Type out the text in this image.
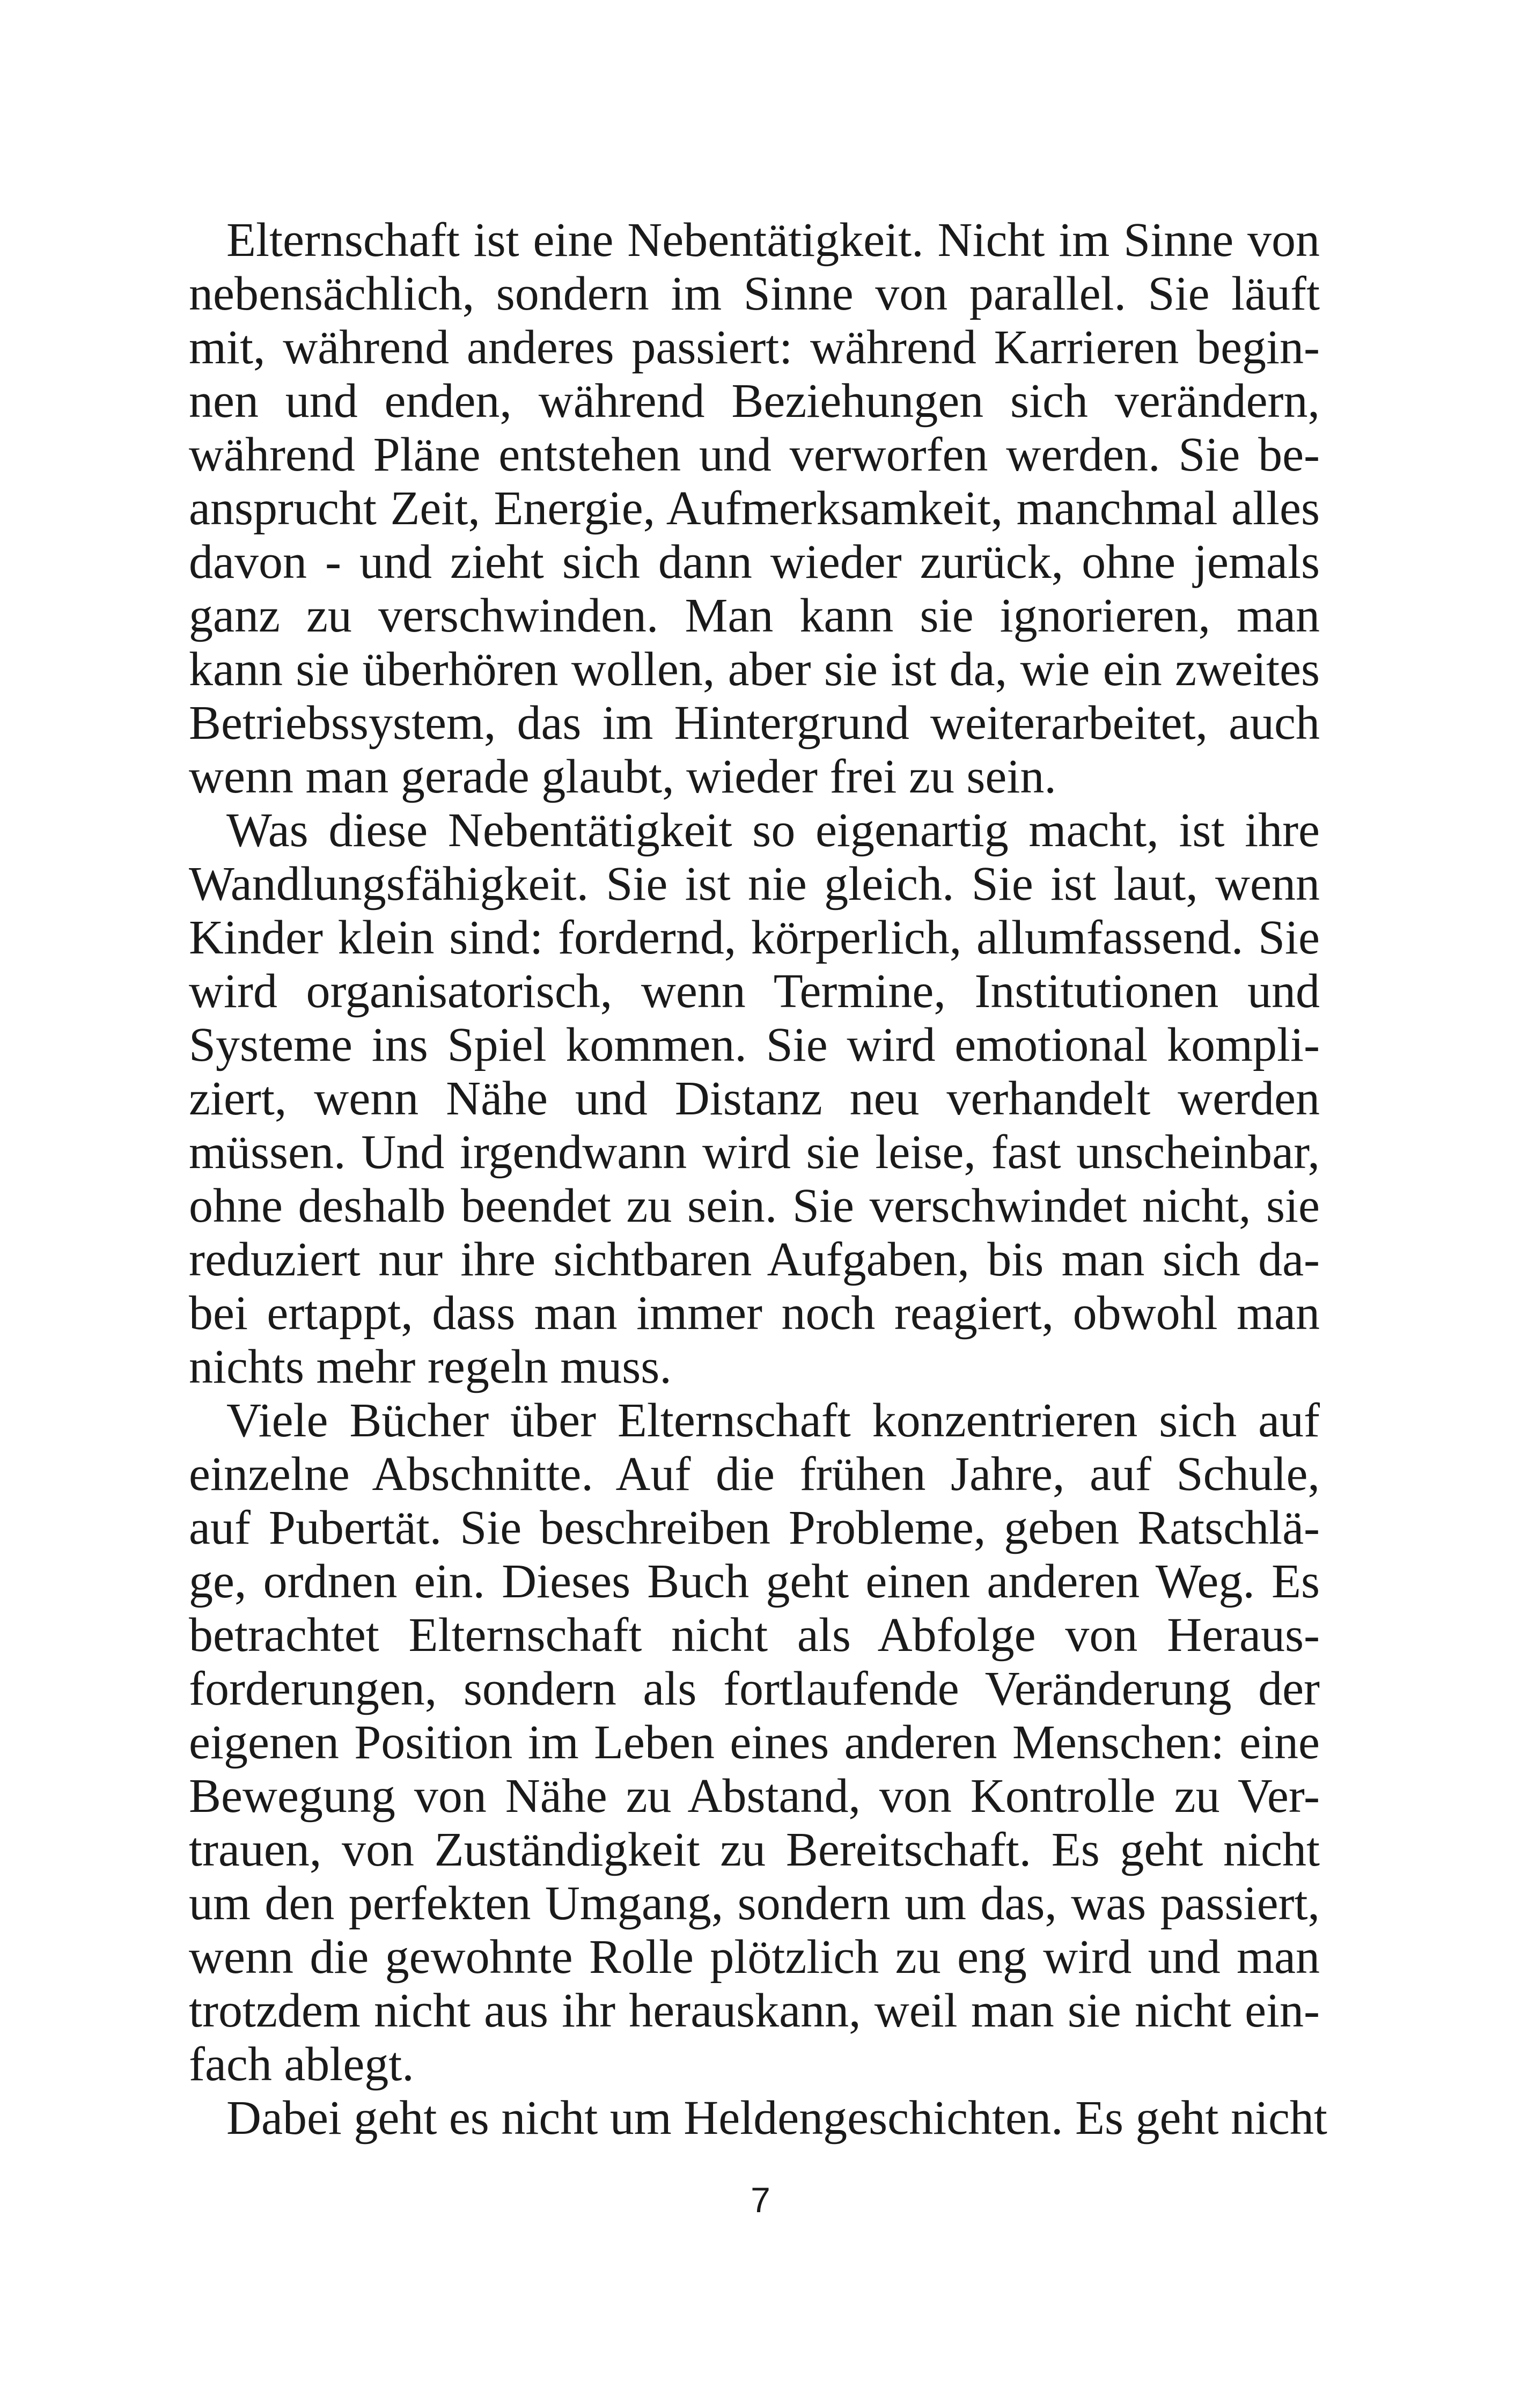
Elternschaft ist eine Nebentätigkeit. Nicht im Sinne von
nebensächlich, sondern im Sinne von parallel. Sie läuft
mit, während anderes passiert: während Karrieren begin-
nen und enden, während Beziehungen sich verändern,
während Pläne entstehen und verworfen werden. Sie be-
ansprucht Zeit, Energie, Aufmerksamkeit, manchmal alles
davon - und zieht sich dann wieder zurück, ohne jemals
ganz zu verschwinden. Man kann sie ignorieren, man
kann sie überhören wollen, aber sie ist da, wie ein zweites
Betriebssystem, das im Hintergrund weiterarbeitet, auch
wenn man gerade glaubt, wieder frei zu sein.
Was diese Nebentätigkeit so eigenartig macht, ist ihre
Wandlungsfähigkeit. Sie ist nie gleich. Sie ist laut, wenn
Kinder klein sind: fordernd, körperlich, allumfassend. Sie
wird organisatorisch, wenn Termine, Institutionen und
Systeme ins Spiel kommen. Sie wird emotional kompli-
ziert, wenn Nähe und Distanz neu verhandelt werden
müssen. Und irgendwann wird sie leise, fast unscheinbar,
ohne deshalb beendet zu sein. Sie verschwindet nicht, sie
reduziert nur ihre sichtbaren Aufgaben, bis man sich da-
bei ertappt, dass man immer noch reagiert, obwohl man
nichts mehr regeln muss.
Viele Bücher über Elternschaft konzentrieren sich auf
einzelne Abschnitte. Auf die frühen Jahre, auf Schule,
auf Pubertät. Sie beschreiben Probleme, geben Ratschlä-
ge, ordnen ein. Dieses Buch geht einen anderen Weg. Es
betrachtet Elternschaft nicht als Abfolge von Heraus-
forderungen, sondern als fortlaufende Veränderung der
eigenen Position im Leben eines anderen Menschen: eine
Bewegung von Nähe zu Abstand, von Kontrolle zu Ver-
trauen, von Zuständigkeit zu Bereitschaft. Es geht nicht
um den perfekten Umgang, sondern um das, was passiert,
wenn die gewohnte Rolle plötzlich zu eng wird und man
trotzdem nicht aus ihr herauskann, weil man sie nicht ein-
fach ablegt.
Dabei geht es nicht um Heldengeschichten. Es geht nicht
7
